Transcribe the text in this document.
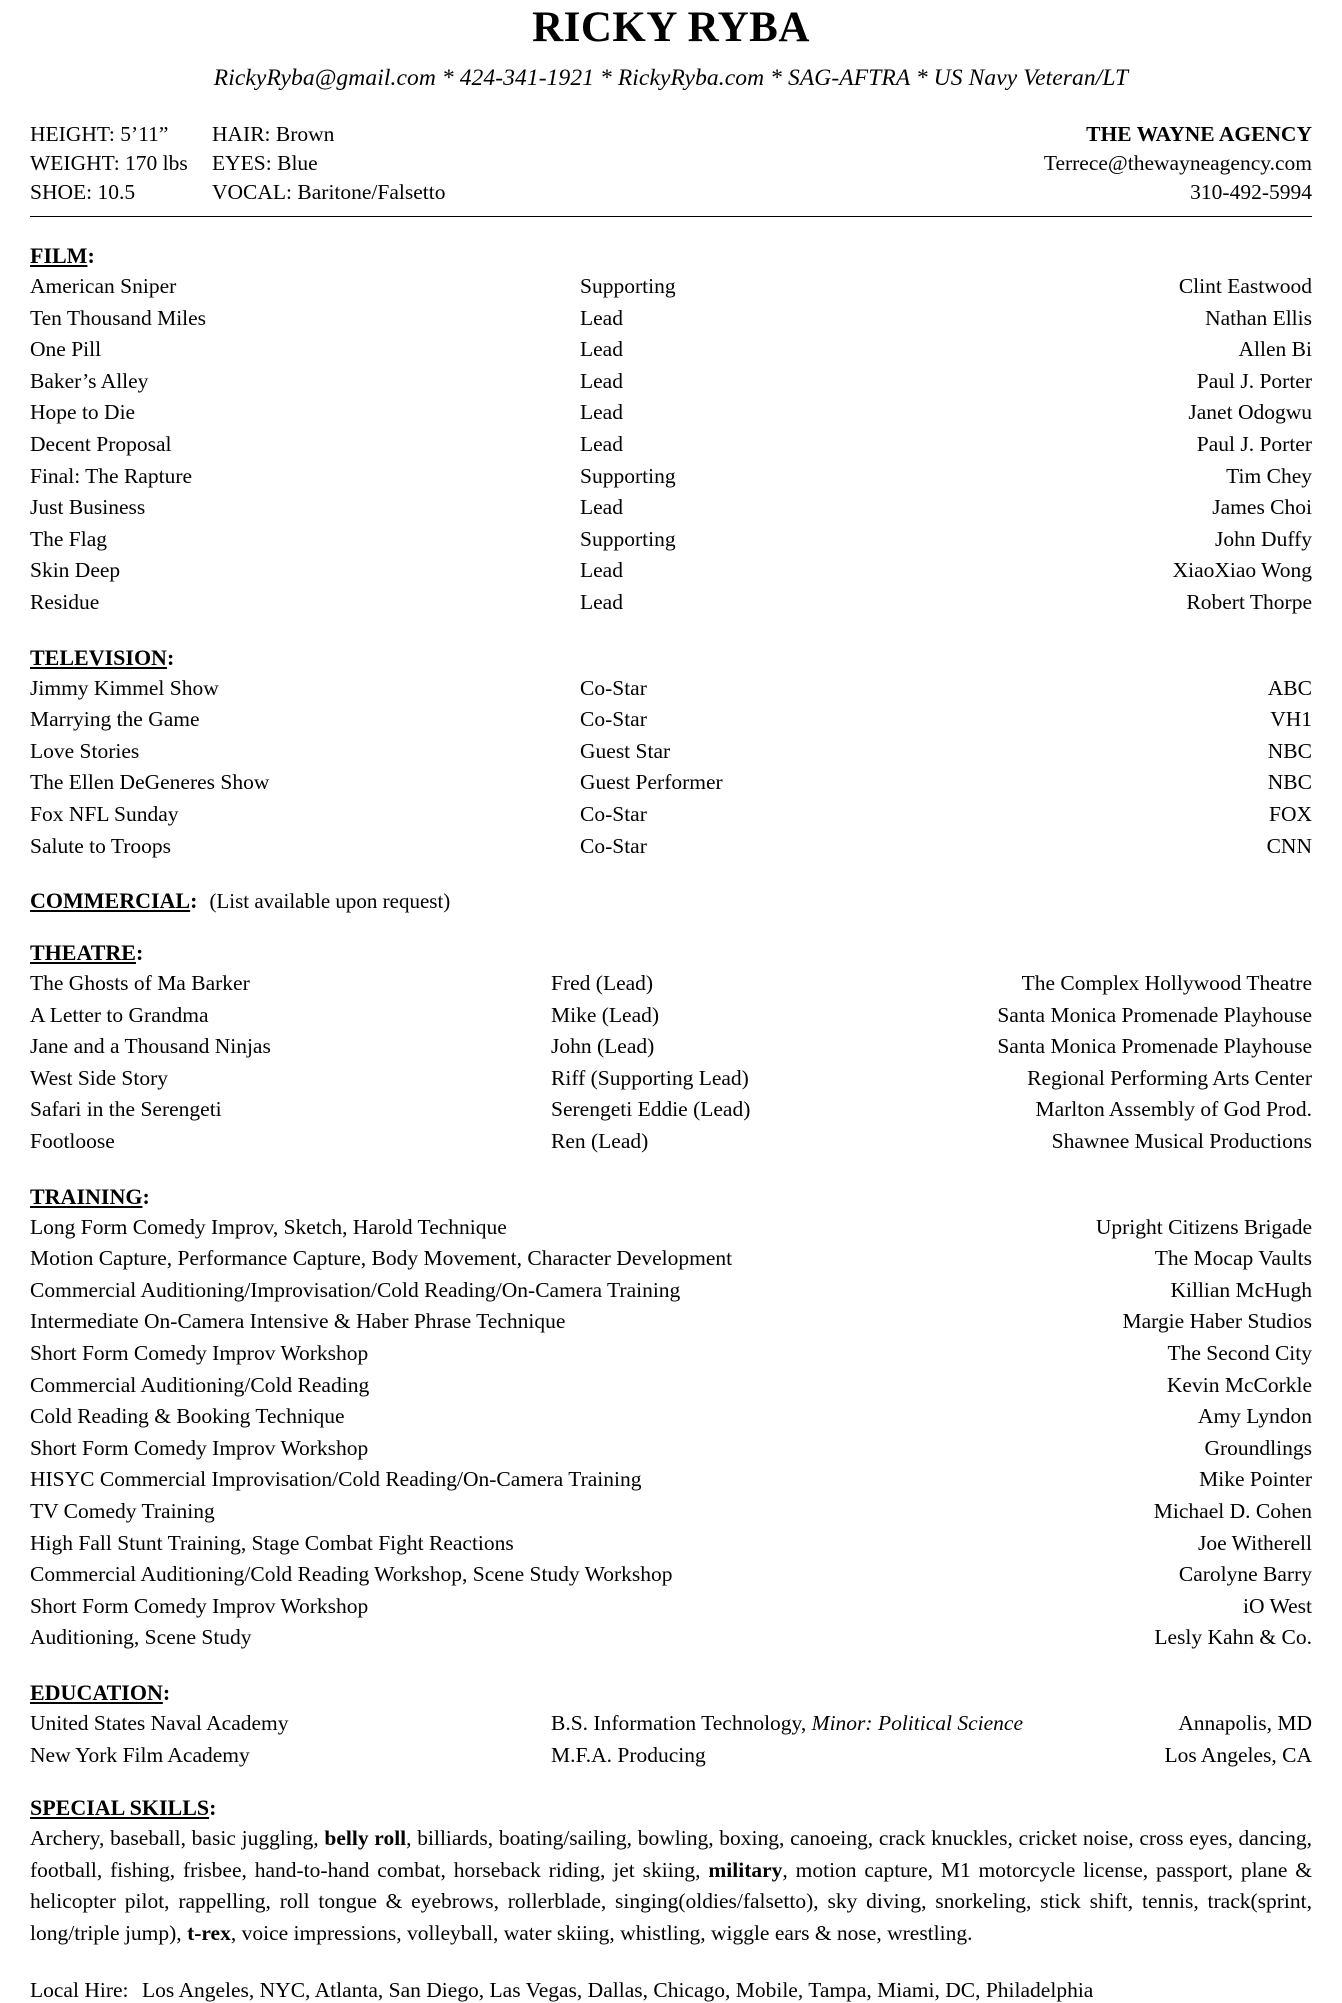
RICKY RYBA
RickyRyba@gmail.com * 424-341-1921 * RickyRyba.com * SAG-AFTRA * US Navy Veteran/LT
HEIGHT: 5’11”	HAIR: Brown
WEIGHT: 170 lbs	EYES: Blue
SHOE: 10.5	VOCAL: Baritone/Falsetto
THE WAYNE AGENCY
Terrece@thewayneagency.com
310-492-5994
FILM:
American Sniper	Supporting	Clint Eastwood
Ten Thousand Miles	Lead	Nathan Ellis
One Pill	Lead	Allen Bi
Baker’s Alley	Lead	Paul J. Porter
Hope to Die	Lead	Janet Odogwu
Decent Proposal	Lead	Paul J. Porter
Final: The Rapture	Supporting	Tim Chey
Just Business	Lead	James Choi
The Flag	Supporting	John Duffy
Skin Deep	Lead	XiaoXiao Wong
Residue	Lead	Robert Thorpe
TELEVISION:
Jimmy Kimmel Show	Co-Star	ABC
Marrying the Game	Co-Star	VH1
Love Stories	Guest Star	NBC
The Ellen DeGeneres Show	Guest Performer	NBC
Fox NFL Sunday	Co-Star	FOX
Salute to Troops	Co-Star	CNN
COMMERCIAL: (List available upon request)
THEATRE:
The Ghosts of Ma Barker	Fred (Lead)	The Complex Hollywood Theatre
A Letter to Grandma	Mike (Lead)	Santa Monica Promenade Playhouse
Jane and a Thousand Ninjas	John (Lead)	Santa Monica Promenade Playhouse
West Side Story	Riff (Supporting Lead)	Regional Performing Arts Center
Safari in the Serengeti	Serengeti Eddie (Lead)	Marlton Assembly of God Prod.
Footloose	Ren (Lead)	Shawnee Musical Productions
TRAINING:
Long Form Comedy Improv, Sketch, Harold Technique	Upright Citizens Brigade
Motion Capture, Performance Capture, Body Movement, Character Development	The Mocap Vaults
Commercial Auditioning/Improvisation/Cold Reading/On-Camera Training	Killian McHugh
Intermediate On-Camera Intensive & Haber Phrase Technique	Margie Haber Studios
Short Form Comedy Improv Workshop	The Second City
Commercial Auditioning/Cold Reading	Kevin McCorkle
Cold Reading & Booking Technique	Amy Lyndon
Short Form Comedy Improv Workshop	Groundlings
HISYC Commercial Improvisation/Cold Reading/On-Camera Training	Mike Pointer
TV Comedy Training	Michael D. Cohen
High Fall Stunt Training, Stage Combat Fight Reactions	Joe Witherell
Commercial Auditioning/Cold Reading Workshop, Scene Study Workshop	Carolyne Barry
Short Form Comedy Improv Workshop	iO West
Auditioning, Scene Study	Lesly Kahn & Co.
EDUCATION:
United States Naval Academy	B.S. Information Technology, Minor: Political Science	Annapolis, MD
New York Film Academy	M.F.A. Producing	Los Angeles, CA
SPECIAL SKILLS:
Archery, baseball, basic juggling, belly roll, billiards, boating/sailing, bowling, boxing, canoeing, crack knuckles, cricket noise, cross eyes, dancing, football, fishing, frisbee, hand-to-hand combat, horseback riding, jet skiing, military, motion capture, M1 motorcycle license, passport, plane & helicopter pilot, rappelling, roll tongue & eyebrows, rollerblade, singing(oldies/falsetto), sky diving, snorkeling, stick shift, tennis, track(sprint, long/triple jump), t-rex, voice impressions, volleyball, water skiing, whistling, wiggle ears & nose, wrestling.
Local Hire: Los Angeles, NYC, Atlanta, San Diego, Las Vegas, Dallas, Chicago, Mobile, Tampa, Miami, DC, Philadelphia
